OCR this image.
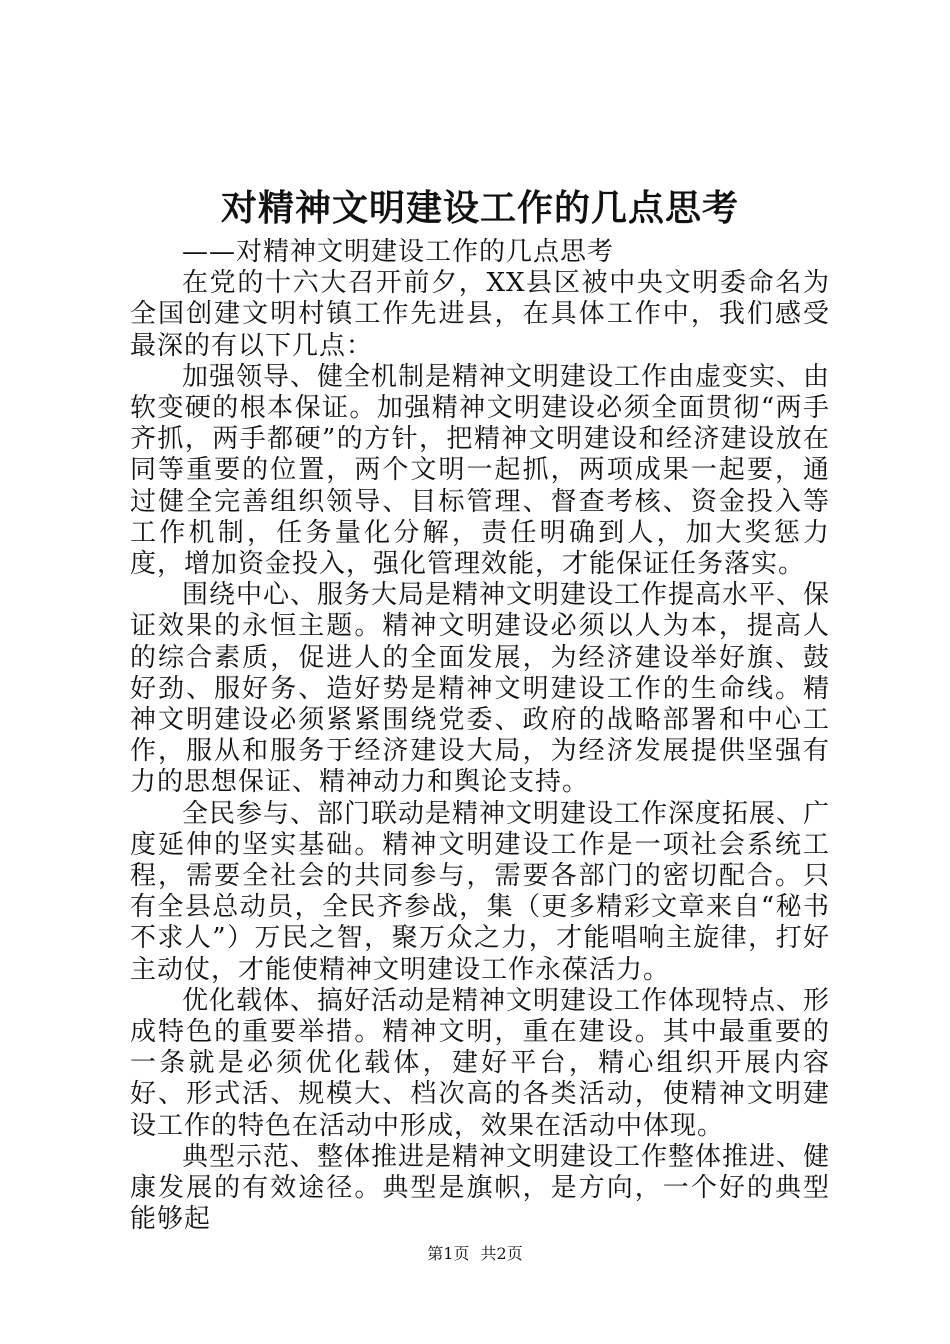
对精神文明建设工作的几点思考

——对精神文明建设工作的几点思考

在党的十六大召开前夕，XX县区被中央文明委命名为全国创建文明村镇工作先进县，在具体工作中，我们感受最深的有以下几点：

加强领导、健全机制是精神文明建设工作由虚变实、由软变硬的根本保证。加强精神文明建设必须全面贯彻“两手齐抓，两手都硬”的方针，把精神文明建设和经济建设放在同等重要的位置，两个文明一起抓，两项成果一起要，通过健全完善组织领导、目标管理、督查考核、资金投入等工作机制，任务量化分解，责任明确到人，加大奖惩力度，增加资金投入，强化管理效能，才能保证任务落实。

围绕中心、服务大局是精神文明建设工作提高水平、保证效果的永恒主题。精神文明建设必须以人为本，提高人的综合素质，促进人的全面发展，为经济建设举好旗、鼓好劲、服好务、造好势是精神文明建设工作的生命线。精神文明建设必须紧紧围绕党委、政府的战略部署和中心工作，服从和服务于经济建设大局，为经济发展提供坚强有力的思想保证、精神动力和舆论支持。

全民参与、部门联动是精神文明建设工作深度拓展、广度延伸的坚实基础。精神文明建设工作是一项社会系统工程，需要全社会的共同参与，需要各部门的密切配合。只有全县总动员，全民齐参战，集（更多精彩文章来自“秘书不求人”）万民之智，聚万众之力，才能唱响主旋律，打好主动仗，才能使精神文明建设工作永葆活力。

优化载体、搞好活动是精神文明建设工作体现特点、形成特色的重要举措。精神文明，重在建设。其中最重要的一条就是必须优化载体，建好平台，精心组织开展内容好、形式活、规模大、档次高的各类活动，使精神文明建设工作的特色在活动中形成，效果在活动中体现。

典型示范、整体推进是精神文明建设工作整体推进、健康发展的有效途径。典型是旗帜，是方向，一个好的典型能够起

第1页 共2页
